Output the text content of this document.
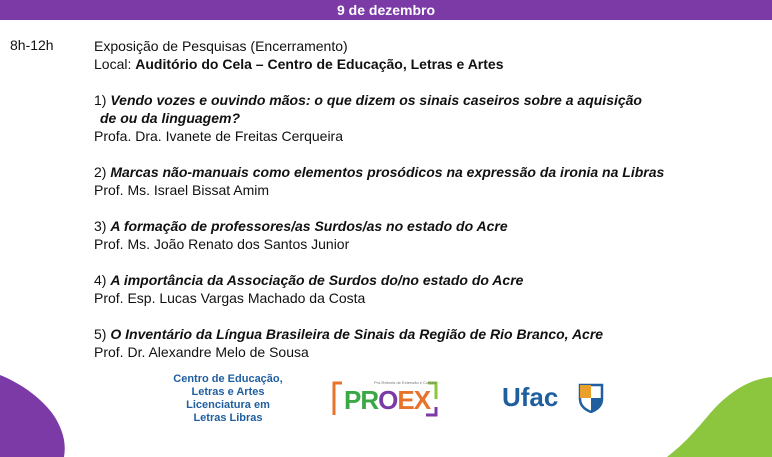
9 de dezembro
8h-12h	Exposição de Pesquisas (Encerramento)

Local: Auditório do Cela – Centro de Educação, Letras e Artes

1) Vendo vozes e ouvindo mãos: o que dizem os sinais caseiros sobre a aquisição
de ou da linguagem?
Profa. Dra. Ivanete de Freitas Cerqueira
2) Marcas não-manuais como elementos prosódicos na expressão da ironia na Libras
Prof. Ms. Israel Bissat Amim
3) A formação de professores/as Surdos/as no estado do Acre
Prof. Ms. João Renato dos Santos Junior
4) A importância da Associação de Surdos do/no estado do Acre
Prof. Esp. Lucas Vargas Machado da Costa
5) O Inventário da Língua Brasileira de Sinais da Região de Rio Branco, Acre
Prof. Dr. Alexandre Melo de Sousa
Centro de Educação,
Letras e Artes
Licenciatura em
Letras Libras
Pró-Reitoria de Extensão e Cultura
PROEX	Ufac
